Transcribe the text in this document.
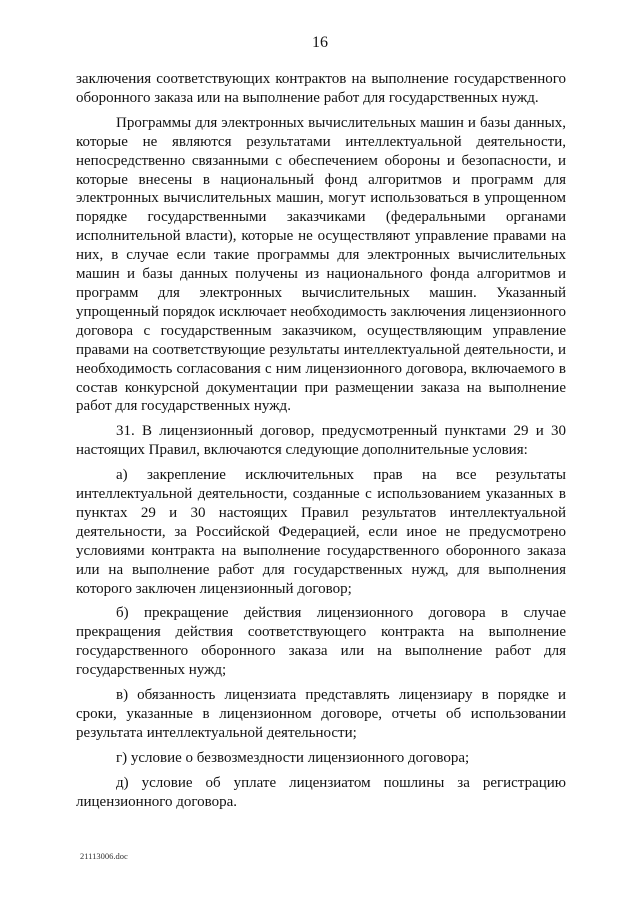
16

заключения соответствующих контрактов на выполнение государственного оборонного заказа или на выполнение работ для государственных нужд.

Программы для электронных вычислительных машин и базы данных, которые не являются результатами интеллектуальной деятельности, непосредственно связанными с обеспечением обороны и безопасности, и которые внесены в национальный фонд алгоритмов и программ для электронных вычислительных машин, могут использоваться в упрощенном порядке государственными заказчиками (федеральными органами исполнительной власти), которые не осуществляют управление правами на них, в случае если такие программы для электронных вычислительных машин и базы данных получены из национального фонда алгоритмов и программ для электронных вычислительных машин. Указанный упрощенный порядок исключает необходимость заключения лицензионного договора с государственным заказчиком, осуществляющим управление правами на соответствующие результаты интеллектуальной деятельности, и необходимость согласования с ним лицензионного договора, включаемого в состав конкурсной документации при размещении заказа на выполнение работ для государственных нужд.

31. В лицензионный договор, предусмотренный пунктами 29 и 30 настоящих Правил, включаются следующие дополнительные условия:

а) закрепление исключительных прав на все результаты интеллектуальной деятельности, созданные с использованием указанных в пунктах 29 и 30 настоящих Правил результатов интеллектуальной деятельности, за Российской Федерацией, если иное не предусмотрено условиями контракта на выполнение государственного оборонного заказа или на выполнение работ для государственных нужд, для выполнения которого заключен лицензионный договор;

б) прекращение действия лицензионного договора в случае прекращения действия соответствующего контракта на выполнение государственного оборонного заказа или на выполнение работ для государственных нужд;

в) обязанность лицензиата представлять лицензиару в порядке и сроки, указанные в лицензионном договоре, отчеты об использовании результата интеллектуальной деятельности;

г) условие о безвозмездности лицензионного договора;

д) условие об уплате лицензиатом пошлины за регистрацию лицензионного договора.

21113006.doc
